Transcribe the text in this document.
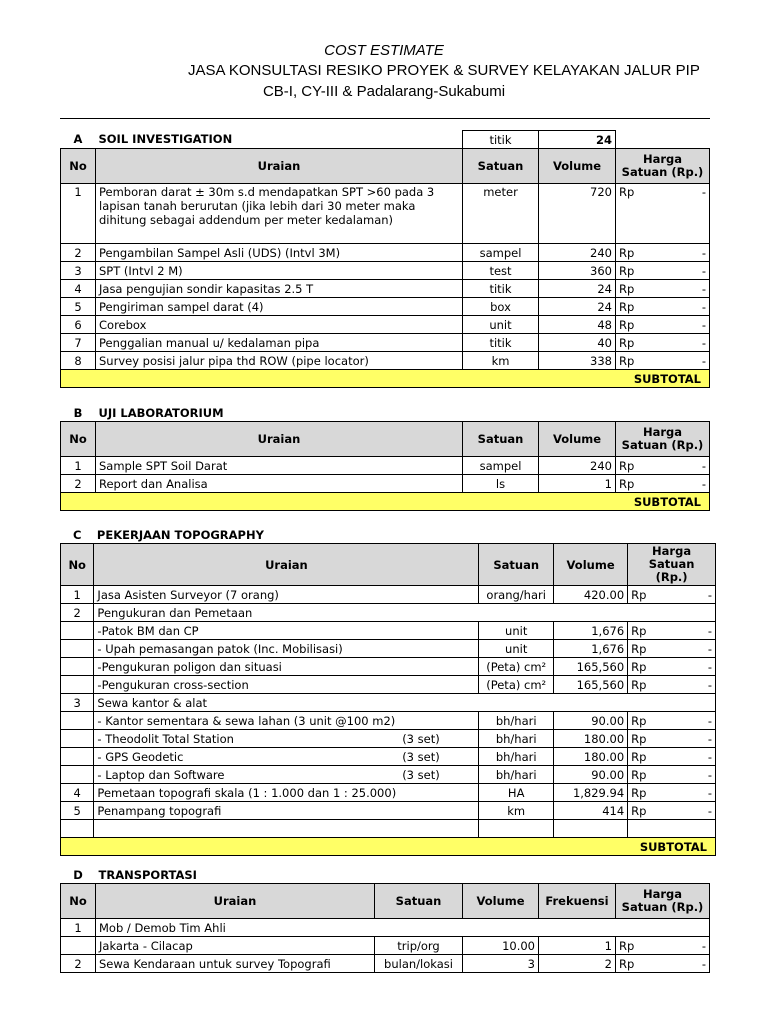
COST ESTIMATE
JASA KONSULTASI RESIKO PROYEK & SURVEY KELAYAKAN JALUR PIP
CB-I, CY-III & Padalarang-Sukabumi
A	SOIL INVESTIGATION	titik	24	
No	Uraian	Satuan	Volume	Harga Satuan (Rp.)
1	Pemboran darat ± 30m s.d mendapatkan SPT >60 pada 3 lapisan tanah berurutan (jika lebih dari 30 meter maka dihitung sebagai addendum per meter kedalaman)	meter	720	Rp -

2	Pengambilan Sampel Asli (UDS) (Intvl 3M)	sampel	240	Rp -

3	SPT (Intvl 2 M)	test	360	Rp -

4	Jasa pengujian sondir kapasitas 2.5 T	titik	24	Rp -

5	Pengiriman sampel darat (4)	box	24	Rp -

6	Corebox	unit	48	Rp -

7	Penggalian manual u/ kedalaman pipa	titik	40	Rp -

8	Survey posisi jalur pipa thd ROW (pipe locator)	km	338	Rp -

SUBTOTAL				
B	UJI LABORATORIUM			
No	Uraian	Satuan	Volume	Harga Satuan (Rp.)
1	Sample SPT Soil Darat	sampel	240	Rp -

2	Report dan Analisa	ls	1	Rp -

SUBTOTAL				
C	PEKERJAAN TOPOGRAPHY				
No	Uraian		Satuan	Volume	Harga Satuan (Rp.)
1	Jasa Asisten Surveyor (7 orang)		orang/hari	420.00	Rp -

2	Pengukuran dan Pemetaan				
	-Patok BM dan CP		unit	1,676	Rp -

	- Upah pemasangan patok (Inc. Mobilisasi)		unit	1,676	Rp -

	-Pengukuran poligon dan situasi		(Peta) cm²	165,560	Rp -

	-Pengukuran cross-section		(Peta) cm²	165,560	Rp -

3	Sewa kantor & alat				
	- Kantor sementara & sewa lahan (3 unit @100 m2)		bh/hari	90.00	Rp -

	- Theodolit Total Station	(3 set)	bh/hari	180.00	Rp -

	- GPS Geodetic	(3 set)	bh/hari	180.00	Rp -

	- Laptop dan Software	(3 set)	bh/hari	90.00	Rp -

4	Pemetaan topografi skala (1 : 1.000 dan 1 : 25.000)		HA	1,829.94	Rp -

5	Penampang topografi		km	414	Rp -

SUBTOTAL					
D	TRANSPORTASI				
No	Uraian	Satuan	Volume	Frekuensi	Harga Satuan (Rp.)
1	Mob / Demob Tim Ahli				
	Jakarta - Cilacap	trip/org	10.00	1	Rp -

2	Sewa Kendaraan untuk survey Topografi	bulan/lokasi	3	2	Rp -
